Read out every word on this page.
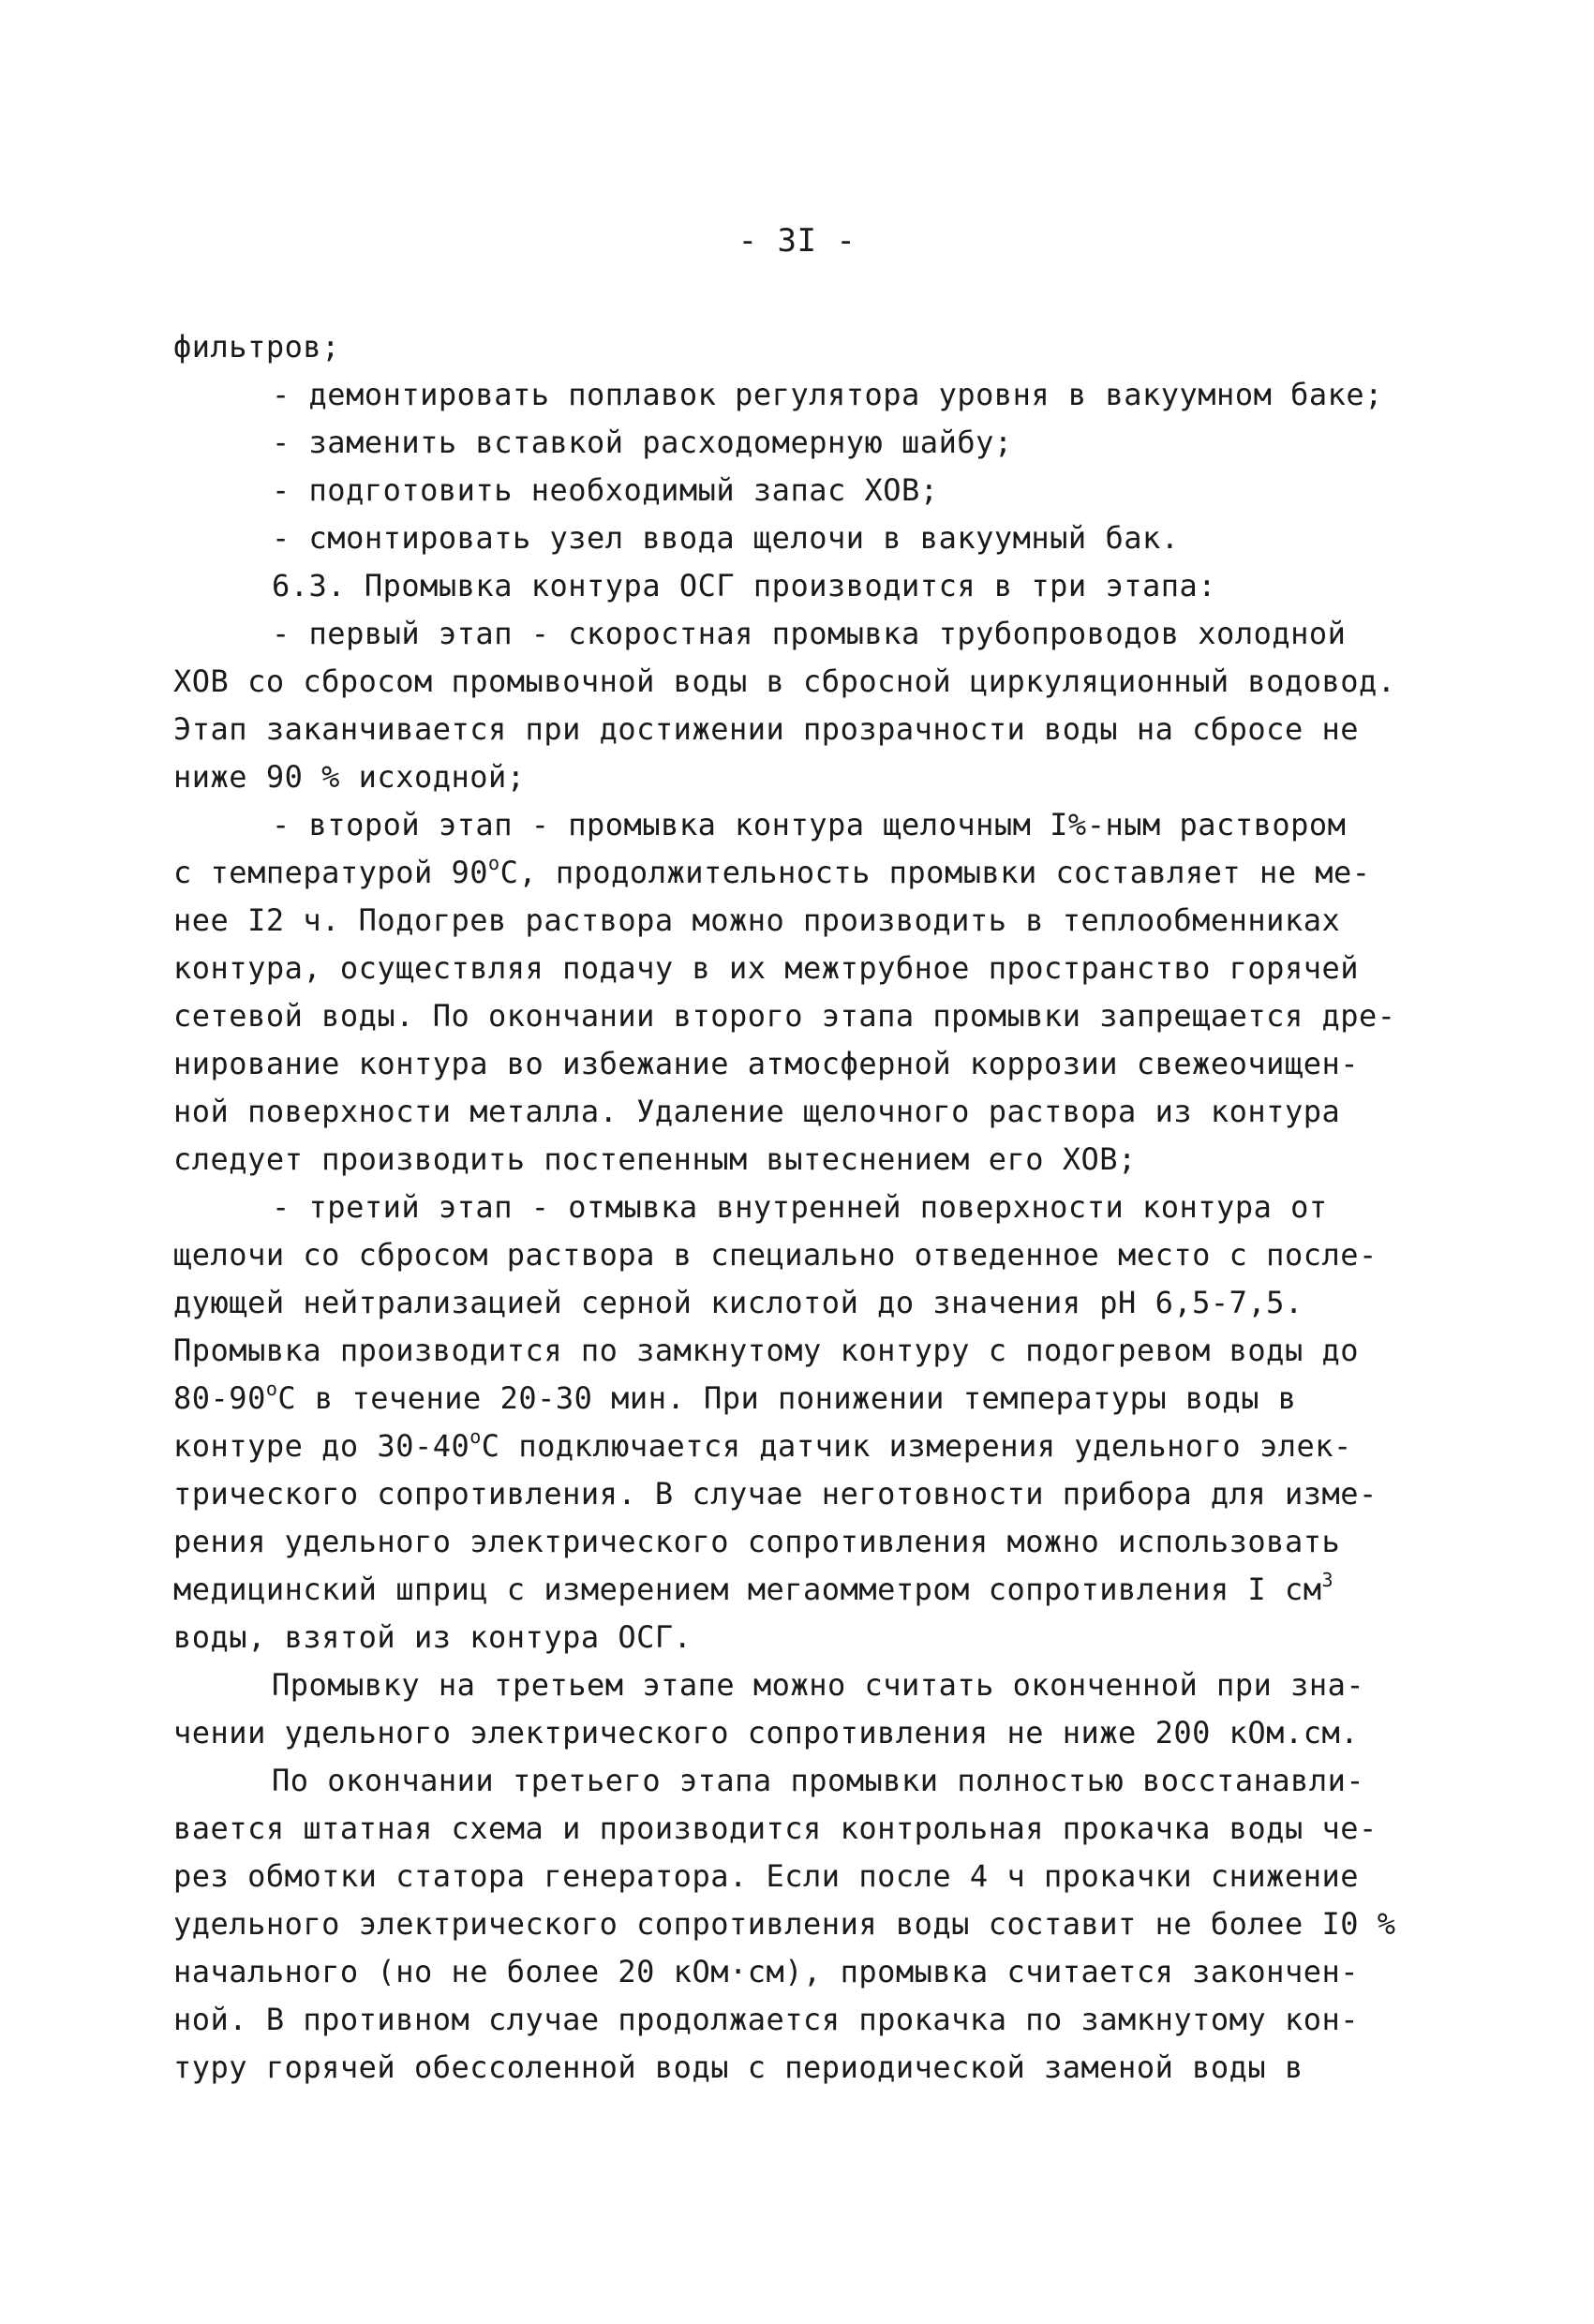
- 3I -
фильтров;
- демонтировать поплавок регулятора уровня в вакуумном баке;
- заменить вставкой расходомерную шайбу;
- подготовить необходимый запас ХОВ;
- смонтировать узел ввода щелочи в вакуумный бак.
6.3. Промывка контура ОСГ производится в три этапа:
- первый этап - скоростная промывка трубопроводов холодной
ХОВ со сбросом промывочной воды в сбросной циркуляционный водовод.
Этап заканчивается при достижении прозрачности воды на сбросе не
ниже 90 % исходной;
- второй этап - промывка контура щелочным I%-ным раствором
с температурой $90^оС$, продолжительность промывки составляет не ме-
нее I2 ч. Подогрев раствора можно производить в теплообменниках
контура, осуществляя подачу в их межтрубное пространство горячей
сетевой воды. По окончании второго этапа промывки запрещается дре-
нирование контура во избежание атмосферной коррозии свежеочищен-
ной поверхности металла. Удаление щелочного раствора из контура
следует производить постепенным вытеснением его ХОВ;
- третий этап - отмывка внутренней поверхности контура от
щелочи со сбросом раствора в специально отведенное место с после-
дующей нейтрализацией серной кислотой до значения рН 6,5-7,5.
Промывка производится по замкнутому контуру с подогревом воды до
$80-90^оС$ в течение 20-30 мин. При понижении температуры воды в
контуре до $30-40^оС$ подключается датчик измерения удельного элек-
трического сопротивления. В случае неготовности прибора для изме-
рения удельного электрического сопротивления можно использовать
медицинский шприц с измерением мегаомметром сопротивления I $см^3$
воды, взятой из контура ОСГ.
Промывку на третьем этапе можно считать оконченной при зна-
чении удельного электрического сопротивления не ниже 200 кОм.см.
По окончании третьего этапа промывки полностью восстанавли-
вается штатная схема и производится контрольная прокачка воды че-
рез обмотки статора генератора. Если после 4 ч прокачки снижение
удельного электрического сопротивления воды составит не более I0 %
начального (но не более 20 кОм·см), промывка считается закончен-
ной. В противном случае продолжается прокачка по замкнутому кон-
туру горячей обессоленной воды с периодической заменой воды в
